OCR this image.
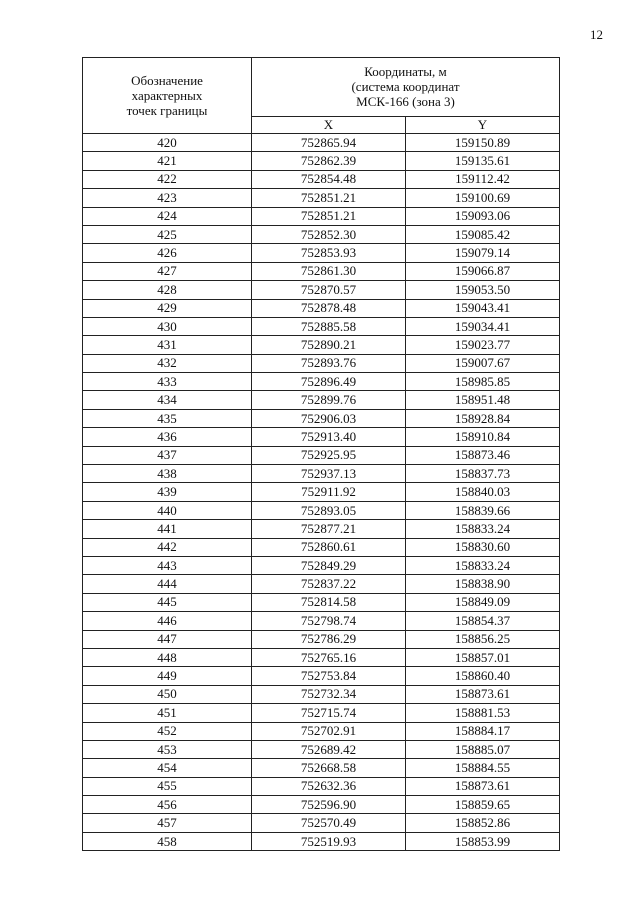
12
Обозначение
характерных
точек границы	Координаты, м
(система координат
МСК-166 (зона 3)	
	X	Y
420	752865.94	159150.89
421	752862.39	159135.61
422	752854.48	159112.42
423	752851.21	159100.69
424	752851.21	159093.06
425	752852.30	159085.42
426	752853.93	159079.14
427	752861.30	159066.87
428	752870.57	159053.50
429	752878.48	159043.41
430	752885.58	159034.41
431	752890.21	159023.77
432	752893.76	159007.67
433	752896.49	158985.85
434	752899.76	158951.48
435	752906.03	158928.84
436	752913.40	158910.84
437	752925.95	158873.46
438	752937.13	158837.73
439	752911.92	158840.03
440	752893.05	158839.66
441	752877.21	158833.24
442	752860.61	158830.60
443	752849.29	158833.24
444	752837.22	158838.90
445	752814.58	158849.09
446	752798.74	158854.37
447	752786.29	158856.25
448	752765.16	158857.01
449	752753.84	158860.40
450	752732.34	158873.61
451	752715.74	158881.53
452	752702.91	158884.17
453	752689.42	158885.07
454	752668.58	158884.55
455	752632.36	158873.61
456	752596.90	158859.65
457	752570.49	158852.86
458	752519.93	158853.99
